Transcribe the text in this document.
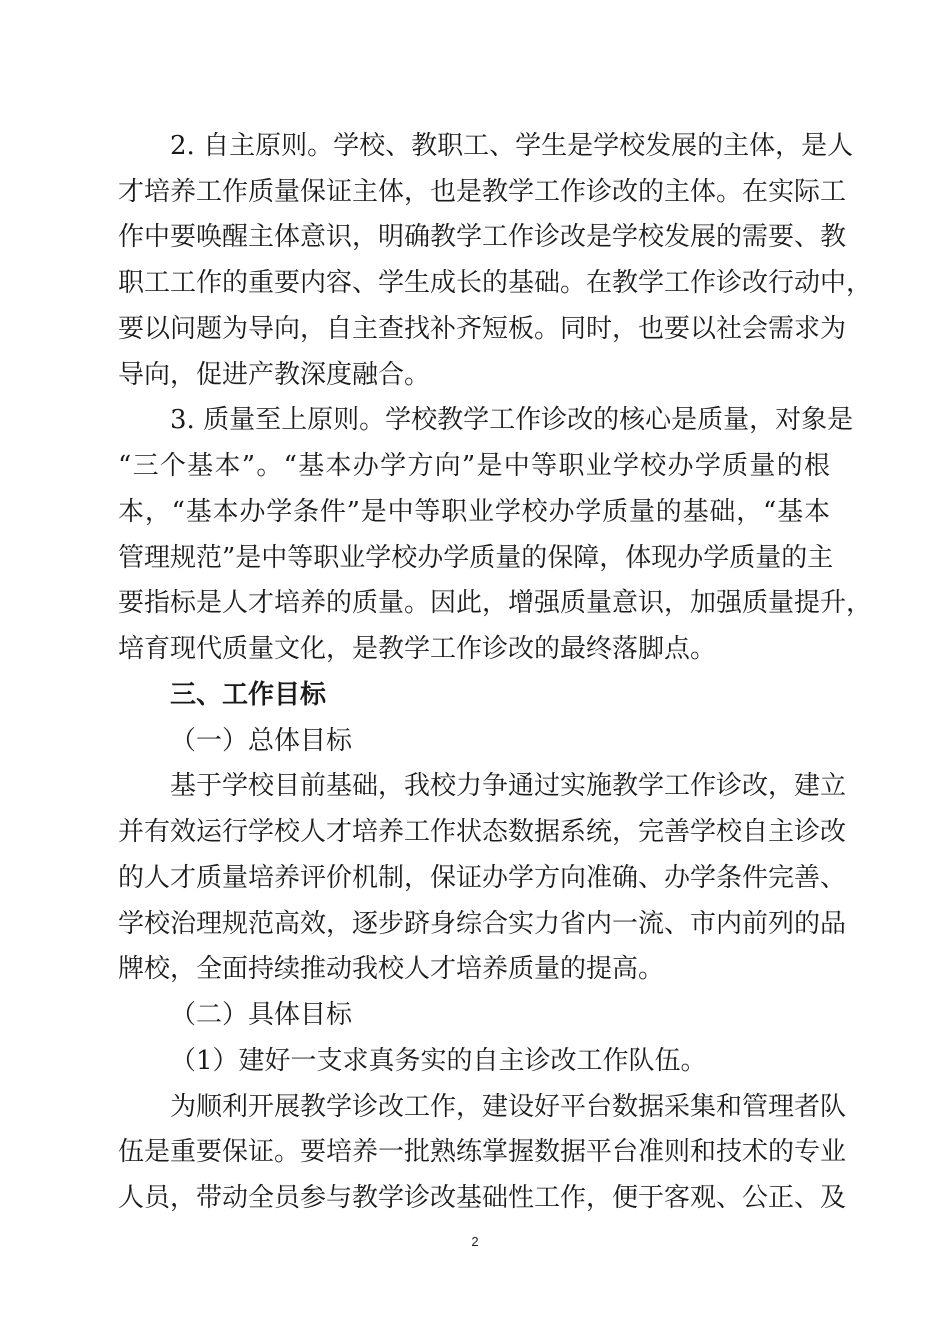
2. 自主原则。学校、教职工、学生是学校发展的主体，是人
才培养工作质量保证主体，也是教学工作诊改的主体。在实际工
作中要唤醒主体意识，明确教学工作诊改是学校发展的需要、教
职工工作的重要内容、学生成长的基础。在教学工作诊改行动中，
要以问题为导向，自主查找补齐短板。同时，也要以社会需求为
导向，促进产教深度融合。
3. 质量至上原则。学校教学工作诊改的核心是质量，对象是
“三个基本”。“基本办学方向”是中等职业学校办学质量的根
本，“基本办学条件”是中等职业学校办学质量的基础，“基本
管理规范”是中等职业学校办学质量的保障，体现办学质量的主
要指标是人才培养的质量。因此，增强质量意识，加强质量提升，
培育现代质量文化，是教学工作诊改的最终落脚点。
三、工作目标
（一）总体目标
基于学校目前基础，我校力争通过实施教学工作诊改，建立
并有效运行学校人才培养工作状态数据系统，完善学校自主诊改
的人才质量培养评价机制，保证办学方向准确、办学条件完善、
学校治理规范高效，逐步跻身综合实力省内一流、市内前列的品
牌校，全面持续推动我校人才培养质量的提高。
（二）具体目标
（1）建好一支求真务实的自主诊改工作队伍。
为顺利开展教学诊改工作，建设好平台数据采集和管理者队
伍是重要保证。要培养一批熟练掌握数据平台准则和技术的专业
人员，带动全员参与教学诊改基础性工作，便于客观、公正、及
2
